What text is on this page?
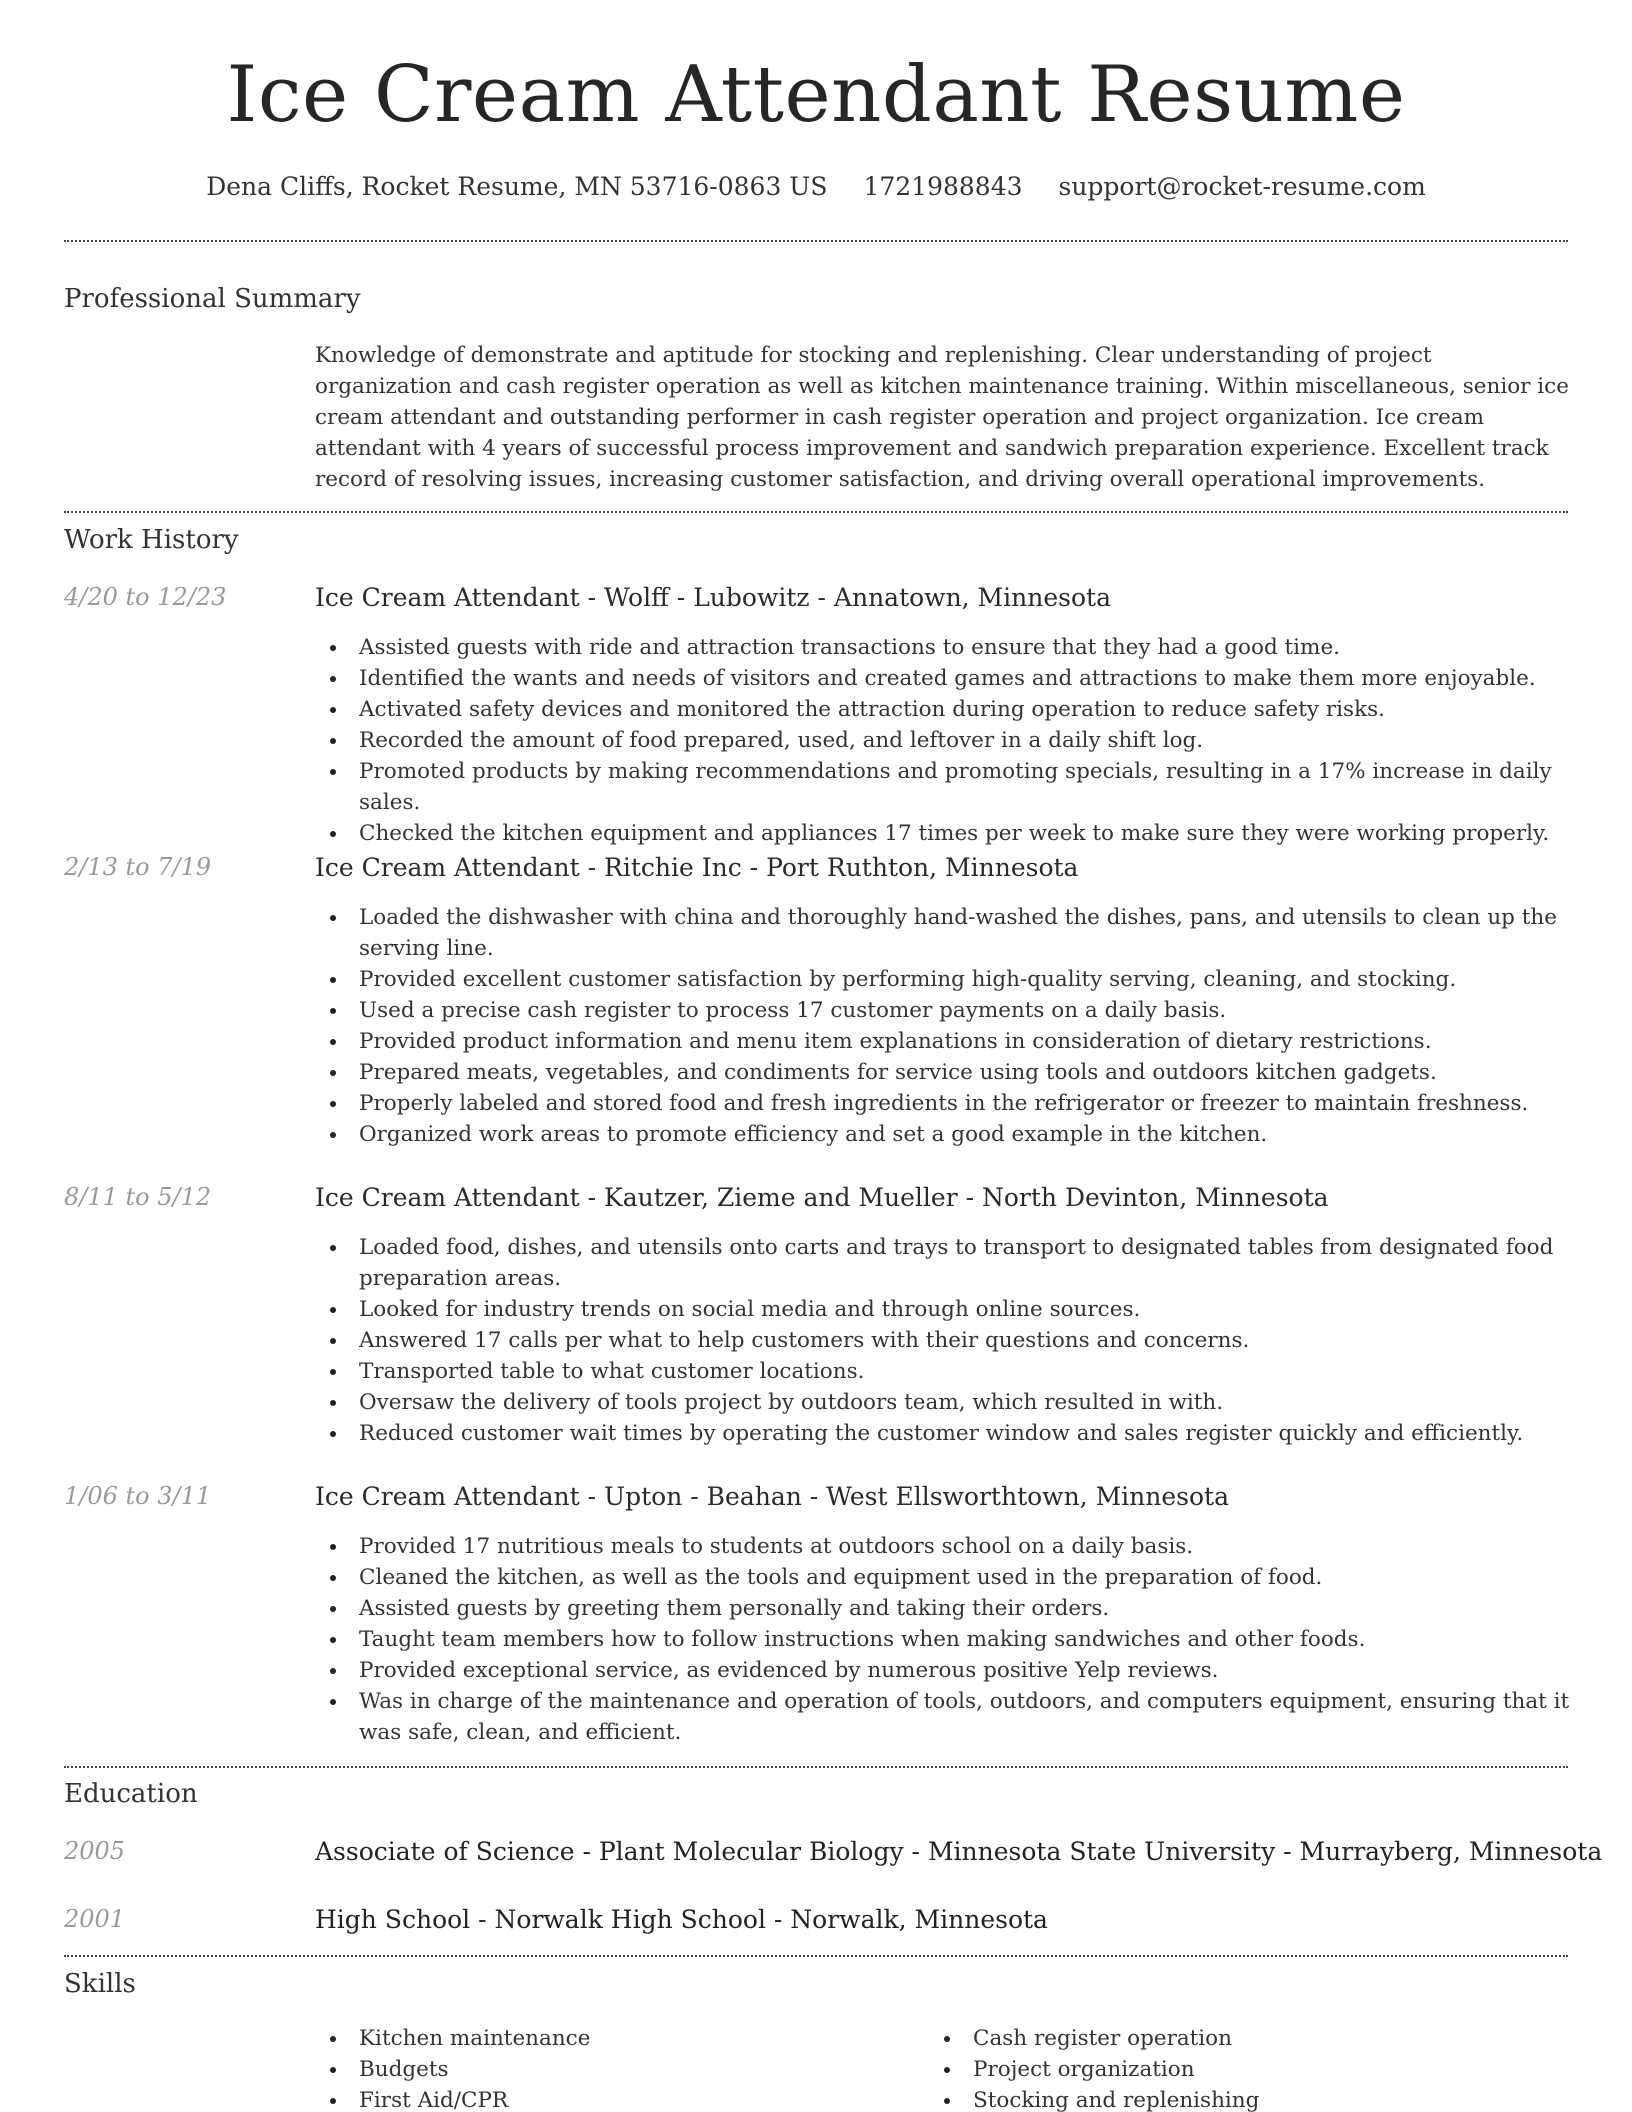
Ice Cream Attendant Resume
Dena Cliffs, Rocket Resume, MN 53716-0863 US 1721988843 support@rocket-resume.com
Professional Summary

Knowledge of demonstrate and aptitude for stocking and replenishing. Clear understanding of project organization and cash register operation as well as kitchen maintenance training. Within miscellaneous, senior ice cream attendant and outstanding performer in cash register operation and project organization. Ice cream attendant with 4 years of successful process improvement and sandwich preparation experience. Excellent track record of resolving issues, increasing customer satisfaction, and driving overall operational improvements.

Work History
4/20 to 12/23	Ice Cream Attendant - Wolff - Lubowitz - Annatown, Minnesota
Assisted guests with ride and attraction transactions to ensure that they had a good time.
Identified the wants and needs of visitors and created games and attractions to make them more enjoyable.
Activated safety devices and monitored the attraction during operation to reduce safety risks.
Recorded the amount of food prepared, used, and leftover in a daily shift log.
Promoted products by making recommendations and promoting specials, resulting in a 17% increase in daily sales.
Checked the kitchen equipment and appliances 17 times per week to make sure they were working properly.
2/13 to 7/19	Ice Cream Attendant - Ritchie Inc - Port Ruthton, Minnesota
Loaded the dishwasher with china and thoroughly hand-washed the dishes, pans, and utensils to clean up the serving line.
Provided excellent customer satisfaction by performing high-quality serving, cleaning, and stocking.
Used a precise cash register to process 17 customer payments on a daily basis.
Provided product information and menu item explanations in consideration of dietary restrictions.
Prepared meats, vegetables, and condiments for service using tools and outdoors kitchen gadgets.
Properly labeled and stored food and fresh ingredients in the refrigerator or freezer to maintain freshness.
Organized work areas to promote efficiency and set a good example in the kitchen.
8/11 to 5/12	Ice Cream Attendant - Kautzer, Zieme and Mueller - North Devinton, Minnesota
Loaded food, dishes, and utensils onto carts and trays to transport to designated tables from designated food preparation areas.
Looked for industry trends on social media and through online sources.
Answered 17 calls per what to help customers with their questions and concerns.
Transported table to what customer locations.
Oversaw the delivery of tools project by outdoors team, which resulted in with.
Reduced customer wait times by operating the customer window and sales register quickly and efficiently.
1/06 to 3/11	Ice Cream Attendant - Upton - Beahan - West Ellsworthtown, Minnesota
Provided 17 nutritious meals to students at outdoors school on a daily basis.
Cleaned the kitchen, as well as the tools and equipment used in the preparation of food.
Assisted guests by greeting them personally and taking their orders.
Taught team members how to follow instructions when making sandwiches and other foods.
Provided exceptional service, as evidenced by numerous positive Yelp reviews.
Was in charge of the maintenance and operation of tools, outdoors, and computers equipment, ensuring that it was safe, clean, and efficient.
Education
2005	Associate of Science - Plant Molecular Biology - Minnesota State University - Murrayberg, Minnesota
2001	High School - Norwalk High School - Norwalk, Minnesota
Skills
Kitchen maintenance
Budgets
First Aid/CPR
Cash register operation
Project organization
Stocking and replenishing
